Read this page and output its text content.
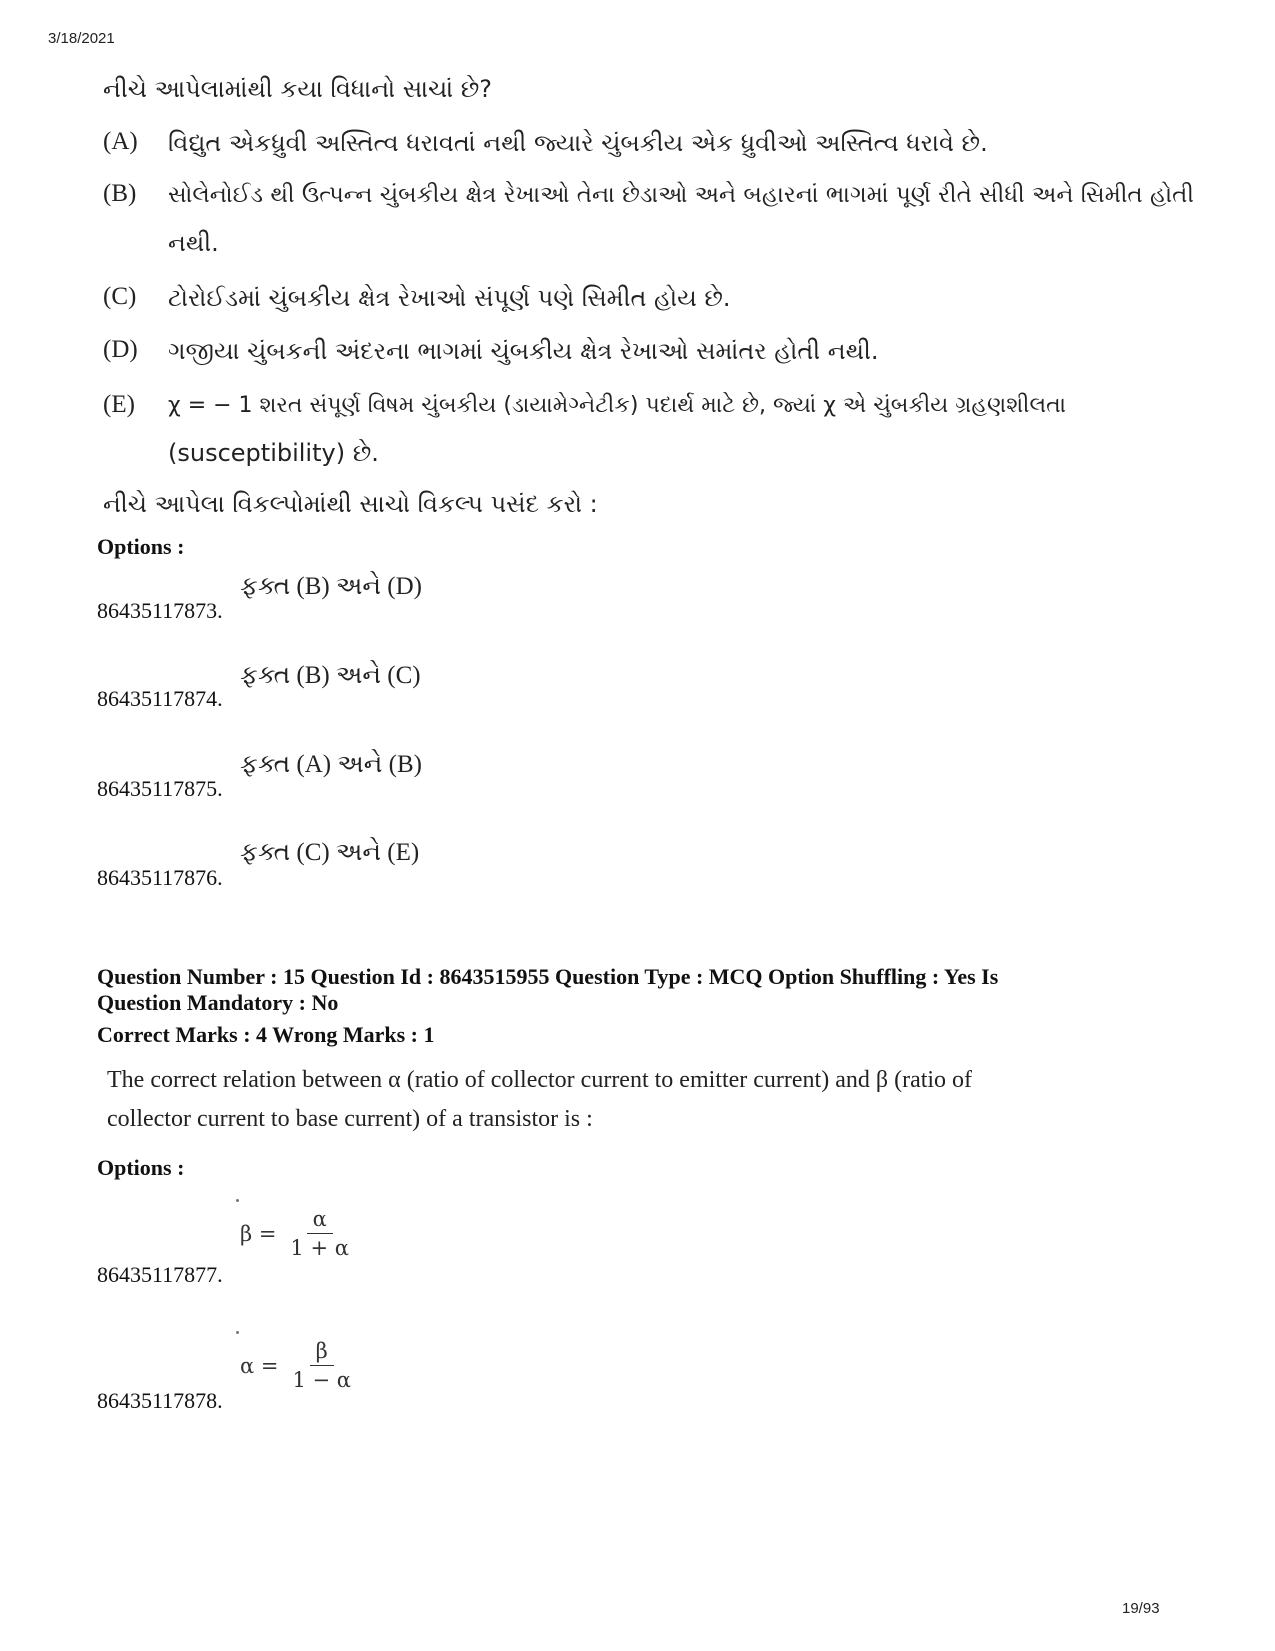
3/18/2021
19/93
નીચે આપેલામાંથી કયા વિધાનો સાચાં છે?
(A) વિદ્યુત એકધ્રુવી અસ્તિત્વ ધરાવતાં નથી જ્યારે ચુંબકીય એક ધ્રુવીઓ અસ્તિત્વ ધરાવે છે.
(B) સોલેનોઈડ થી ઉત્પન્ન ચુંબકીય ક્ષેત્ર રેખાઓ તેના છેડાઓ અને બહારનાં ભાગમાં પૂર્ણ રીતે સીધી અને સિમીત હોતી
નથી.
(C) ટોરોઈડમાં ચુંબકીય ક્ષેત્ર રેખાઓ સંપૂર્ણ પણે સિમીત હોય છે.
(D) ગજીયા ચુંબકની અંદરના ભાગમાં ચુંબકીય ક્ષેત્ર રેખાઓ સમાંતર હોતી નથી.
(E) χ = − 1 શરત સંપૂર્ણ વિષમ ચુંબકીય (ડાયામેગ્નેટીક) પદાર્થ માટે છે, જ્યાં χ એ ચુંબકીય ગ્રહણશીલતા
(susceptibility) છે.
નીચે આપેલા વિકલ્પોમાંથી સાચો વિકલ્પ પસંદ કરો :
Options :
ફક્ત (B) અને (D)
86435117873.
ફક્ત (B) અને (C)
86435117874.
ફક્ત (A) અને (B)
86435117875.
ફક્ત (C) અને (E)
86435117876.
Question Number : 15 Question Id : 8643515955 Question Type : MCQ Option Shuffling : Yes Is
Question Mandatory : No
Correct Marks : 4 Wrong Marks : 1
The correct relation between α (ratio of collector current to emitter current) and β (ratio of
collector current to base current) of a transistor is :
Options :
$\beta = \frac{\alpha}{1 + \alpha}$
86435117877.
$\alpha = \frac{\beta}{1 - \alpha}$
86435117878.
